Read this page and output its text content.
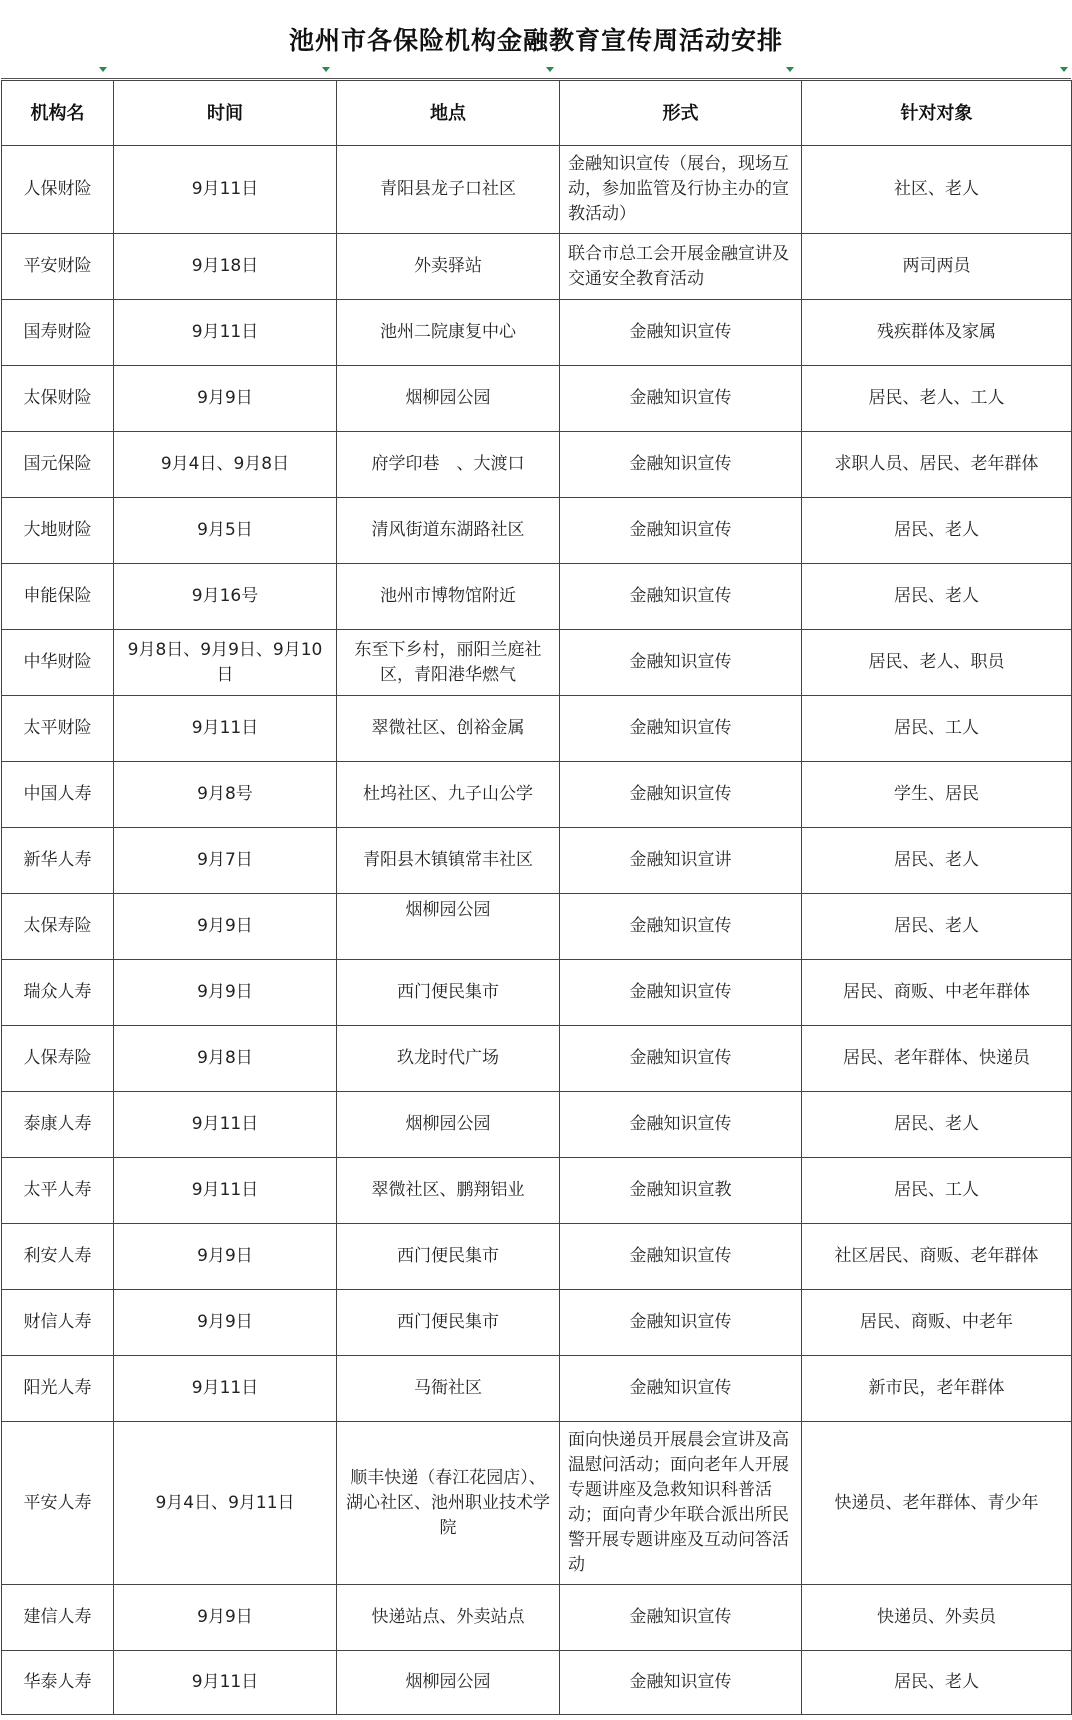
池州市各保险机构金融教育宣传周活动安排
机构名	时间	地点	形式	针对对象
人保财险	9月11日	青阳县龙子口社区	金融知识宣传（展台，现场互动，参加监管及行协主办的宣教活动）	社区、老人
平安财险	9月18日	外卖驿站	联合市总工会开展金融宣讲及交通安全教育活动	两司两员
国寿财险	9月11日	池州二院康复中心	金融知识宣传	残疾群体及家属
太保财险	9月9日	烟柳园公园	金融知识宣传	居民、老人、工人
国元保险	9月4日、9月8日	府学印巷　、大渡口	金融知识宣传	求职人员、居民、老年群体
大地财险	9月5日	清风街道东湖路社区	金融知识宣传	居民、老人
申能保险	9月16号	池州市博物馆附近	金融知识宣传	居民、老人
中华财险	9月8日、9月9日、9月10日	东至下乡村，丽阳兰庭社区，青阳港华燃气	金融知识宣传	居民、老人、职员
太平财险	9月11日	翠微社区、创裕金属	金融知识宣传	居民、工人
中国人寿	9月8号	杜坞社区、九子山公学	金融知识宣传	学生、居民
新华人寿	9月7日	青阳县木镇镇常丰社区	金融知识宣讲	居民、老人
太保寿险	9月9日	烟柳园公园	金融知识宣传	居民、老人
瑞众人寿	9月9日	西门便民集市	金融知识宣传	居民、商贩、中老年群体
人保寿险	9月8日	玖龙时代广场	金融知识宣传	居民、老年群体、快递员
泰康人寿	9月11日	烟柳园公园	金融知识宣传	居民、老人
太平人寿	9月11日	翠微社区、鹏翔铝业	金融知识宣教	居民、工人
利安人寿	9月9日	西门便民集市	金融知识宣传	社区居民、商贩、老年群体
财信人寿	9月9日	西门便民集市	金融知识宣传	居民、商贩、中老年
阳光人寿	9月11日	马衙社区	金融知识宣传	新市民，老年群体
平安人寿	9月4日、9月11日	顺丰快递（春江花园店）、湖心社区、池州职业技术学院	面向快递员开展晨会宣讲及高温慰问活动；面向老年人开展专题讲座及急救知识科普活动；面向青少年联合派出所民警开展专题讲座及互动问答活动	快递员、老年群体、青少年
建信人寿	9月9日	快递站点、外卖站点	金融知识宣传	快递员、外卖员
华泰人寿	9月11日	烟柳园公园	金融知识宣传	居民、老人
